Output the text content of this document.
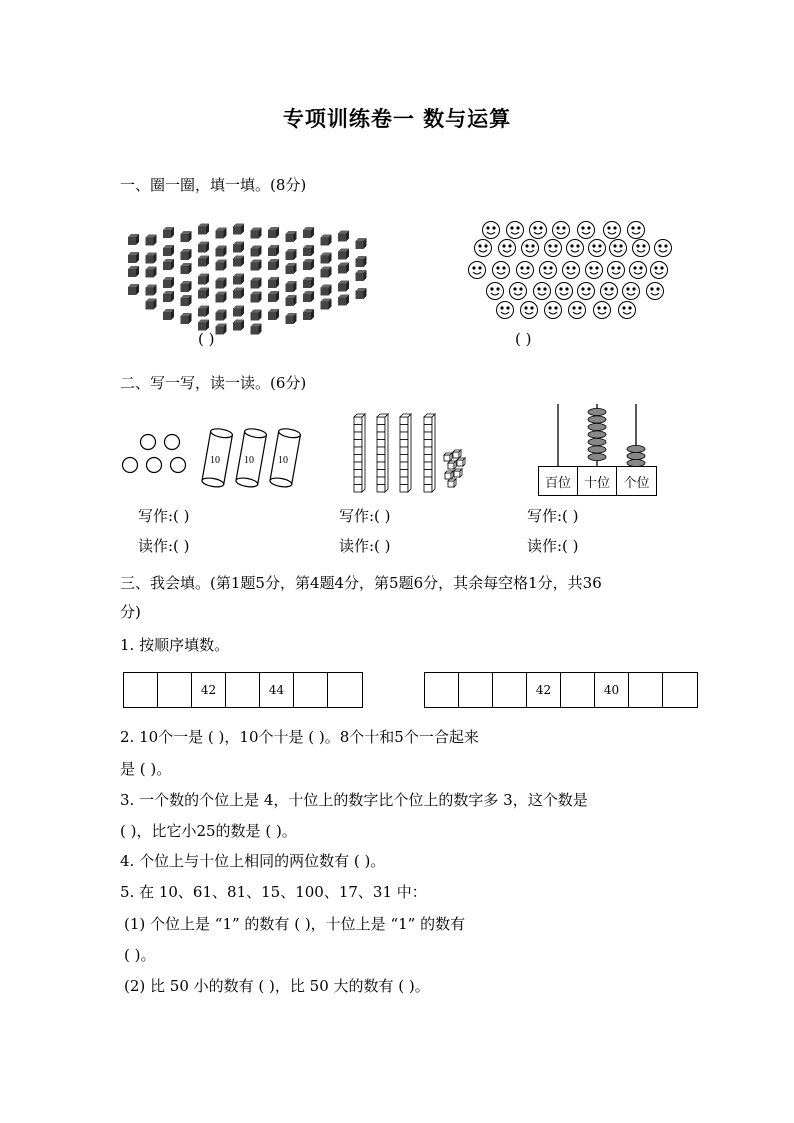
专项训练卷一 数与运算
一、圈一圈，填一填。(8分)
( )	( )
二、写一写，读一读。(6分)
10 10 10
百位 十位	个位
写作:( )
读作:( )
写作:( )
读作:( )
写作:( )
读作:( )
三、我会填。(第1题5分，第4题4分，第5题6分，其余每空格1分，共36
分)
1. 按顺序填数。
42	44	42	40
2. 10个一是 ( )，10个十是 ( )。8个十和5个一合起来
是 ( )。
3. 一个数的个位上是 4，十位上的数字比个位上的数字多 3，这个数是
( )，比它小25的数是 ( )。
4. 个位上与十位上相同的两位数有 ( )。
5. 在 10、61、81、15、100、17、31 中：
(1) 个位上是 “1” 的数有 ( )，十位上是 “1” 的数有
( )。
(2) 比 50 小的数有 ( )，比 50 大的数有 ( )。
